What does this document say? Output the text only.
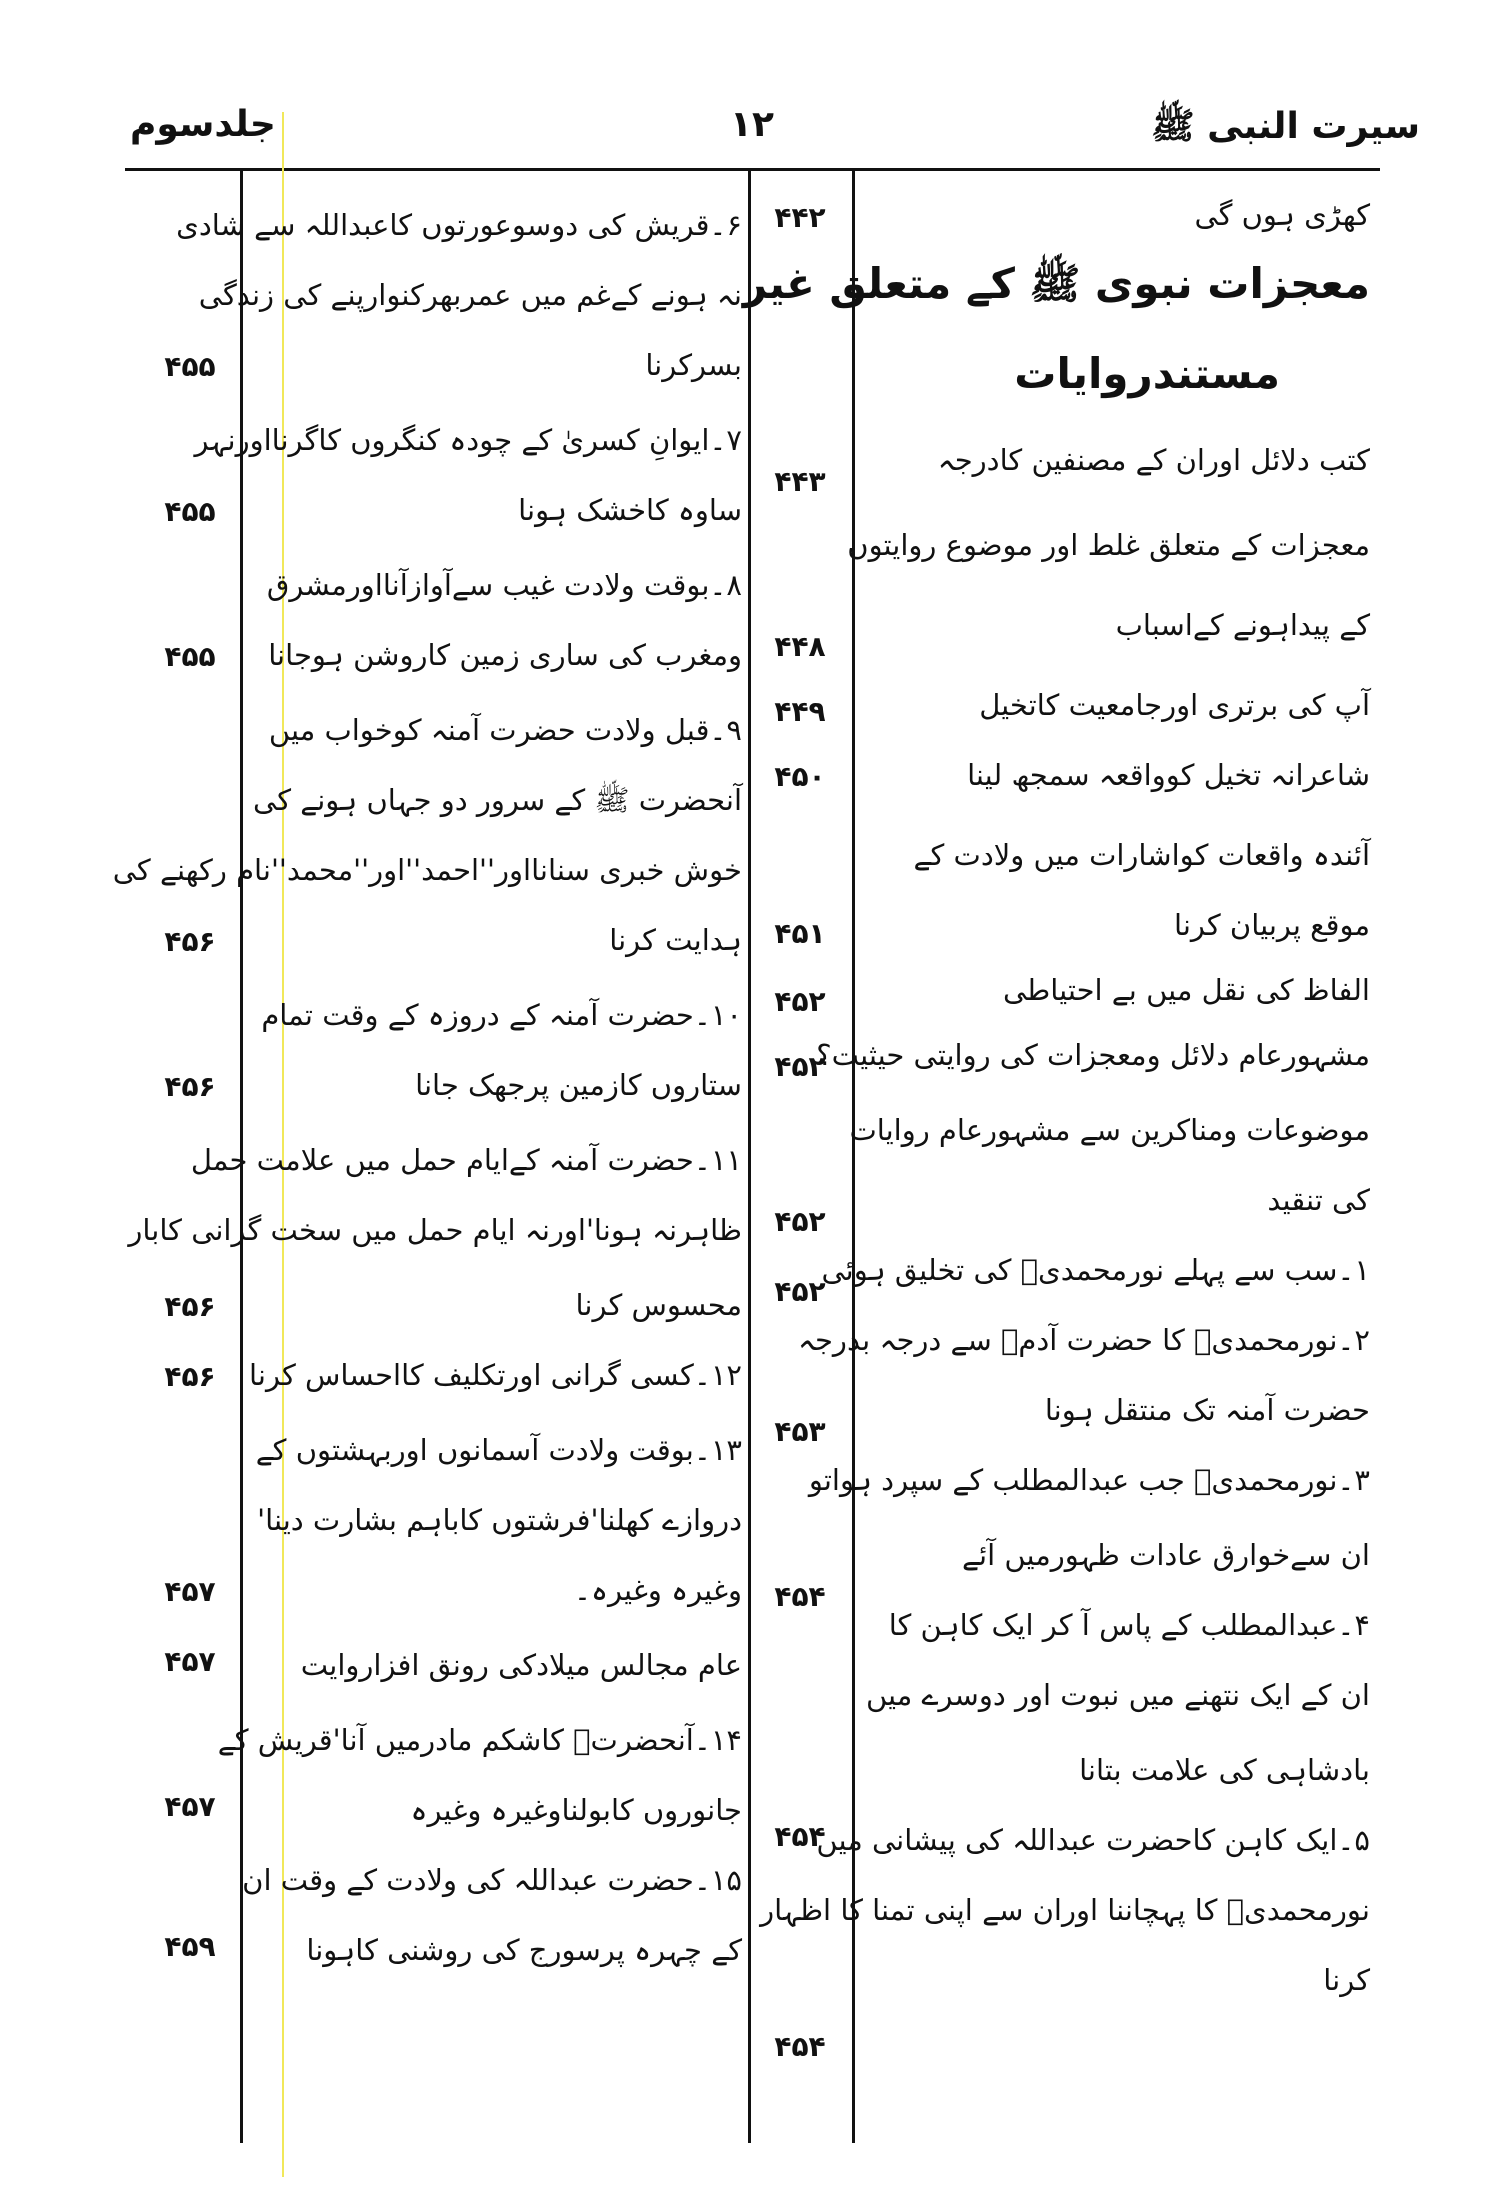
سیرت النبی ﷺ
۱۲
جلدسوم
کھڑی ہوں گی
معجزات نبوی ﷺ کے متعلق غیر
مستندروایات
کتب دلائل اوران کے مصنفین کادرجہ
معجزات کے متعلق غلط اور موضوع روایتوں
کے پیداہونے کےاسباب
آپ کی برتری اورجامعیت کاتخیل
شاعرانہ تخیل کوواقعہ سمجھ لینا
آئندہ واقعات کواشارات میں ولادت کے
موقع پربیان کرنا
الفاظ کی نقل میں بے احتیاطی
مشہورعام دلائل ومعجزات کی روایتی حیثیت؟
موضوعات ومناکرین سے مشہورعام روایات
کی تنقید
۱۔سب سے پہلے نورمحمدیؐ کی تخلیق ہوئی
۲۔نورمحمدیؐ کا حضرت آدمؑ سے درجہ بدرجہ
حضرت آمنہ تک منتقل ہونا
۳۔نورمحمدیؐ جب عبدالمطلب کے سپرد ہواتو
ان سےخوارق عادات ظہورمیں آئے
۴۔عبدالمطلب کے پاس آ کر ایک کاہن کا
ان کے ایک نتھنے میں نبوت اور دوسرے میں
بادشاہی کی علامت بتانا
۵۔ایک کاہن کاحضرت عبداللہ کی پیشانی میں
نورمحمدیؐ کا پہچاننا اوران سے اپنی تمنا کا اظہار
کرنا
۴۴۲
۴۴۳
۴۴۸
۴۴۹
۴۵۰
۴۵۱
۴۵۲
۴۵۲
۴۵۲
۴۵۲
۴۵۳
۴۵۴
۴۵۴
۴۵۴
۶۔قریش کی دوسوعورتوں کاعبداللہ سے شادی
نہ ہونے کےغم میں عمربھرکنوارپنے کی زندگی
بسرکرنا
۷۔ایوانِ کسریٰ کے چودہ کنگروں کاگرنااورنہر
ساوہ کاخشک ہونا
۸۔بوقت ولادت غیب سےآوازآنااورمشرق
ومغرب کی ساری زمین کاروشن ہوجانا
۹۔قبل ولادت حضرت آمنہ کوخواب میں
آنحضرت ﷺ کے سرور دو جہاں ہونے کی
خوش خبری سنانااور''احمد''اور''محمد''نام رکھنے کی
ہدایت کرنا
۱۰۔حضرت آمنہ کے دروزہ کے وقت تمام
ستاروں کازمین پرجھک جانا
۱۱۔حضرت آمنہ کےایام حمل میں علامت حمل
ظاہرنہ ہونا'اورنہ ایام حمل میں سخت گرانی کابار
محسوس کرنا
۱۲۔کسی گرانی اورتکلیف کااحساس کرنا
۱۳۔بوقت ولادت آسمانوں اوربہشتوں کے
دروازے کھلنا'فرشتوں کاباہم بشارت دینا'
وغیرہ وغیرہ۔
عام مجالس میلادکی رونق افزاروایت
۱۴۔آنحضرتؐ کاشکم مادرمیں آنا'قریش کے
جانوروں کابولناوغیرہ وغیرہ
۱۵۔حضرت عبداللہ کی ولادت کے وقت ان
کے چہرہ پرسورج کی روشنی کاہونا
۴۵۵
۴۵۵
۴۵۵
۴۵۶
۴۵۶
۴۵۶
۴۵۶
۴۵۷
۴۵۷
۴۵۷
۴۵۹
